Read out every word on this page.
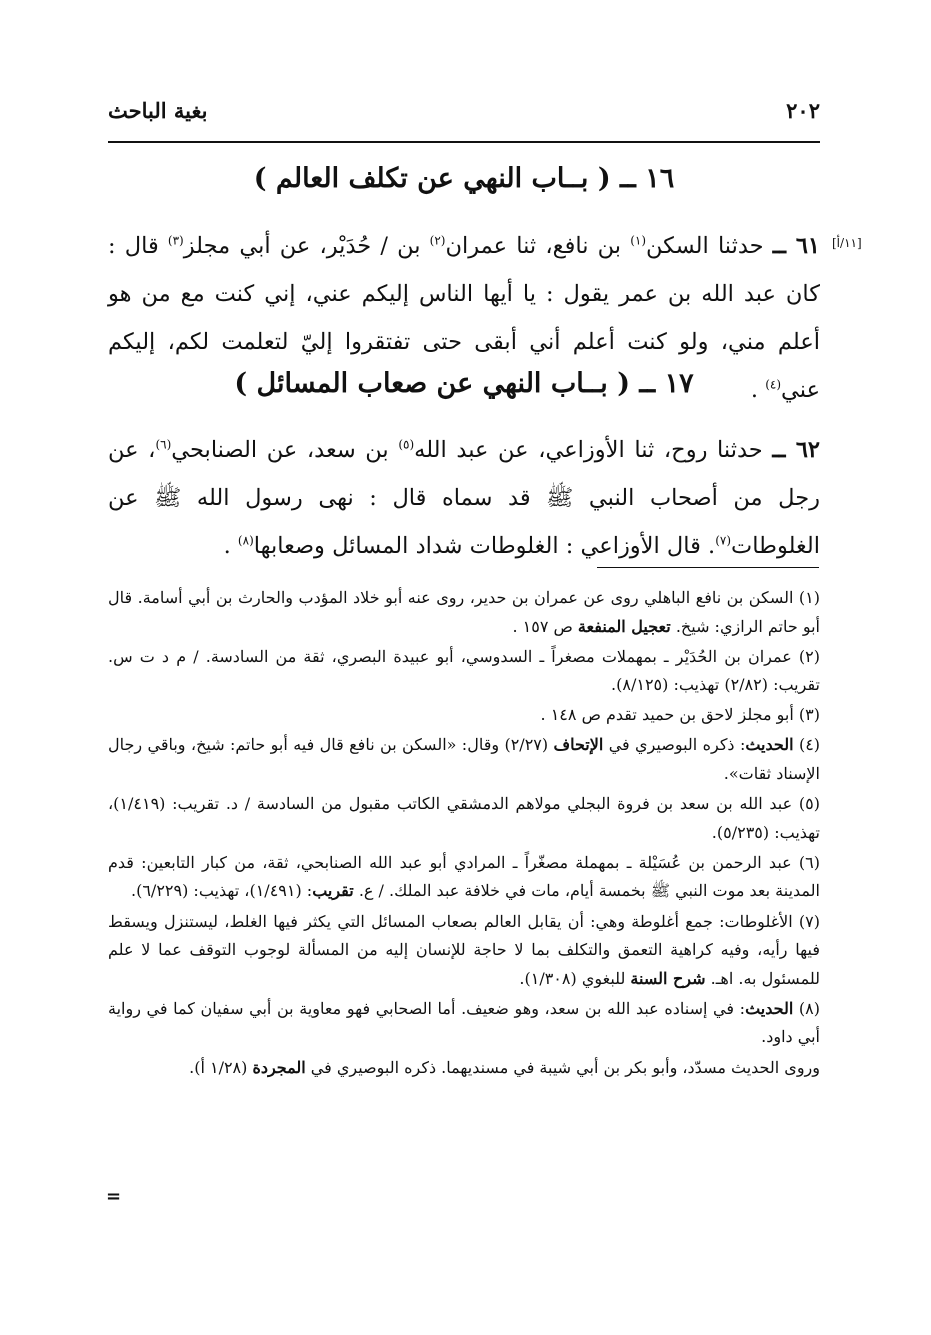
٢٠٢
بغية الباحث
١٦ ــ ( بــاب النهي عن تكلف العالم )
[١١/أ]
٦١ ــ حدثنا السكن$^{(١)}$ بن نافع، ثنا عمران$^{(٢)}$ بن / حُدَيْر، عن أبي مجلز$^{(٣)}$ قال : كان عبد الله بن عمر يقول : يا أيها الناس إليكم عني، إني كنت مع من هو أعلم مني، ولو كنت أعلم أني أبقى حتى تفتقروا إليّ لتعلمت لكم، إليكم عني$^{(٤)}$ .
١٧ ــ ( بــاب النهي عن صعاب المسائل )
٦٢ ــ حدثنا روح، ثنا الأوزاعي، عن عبد الله$^{(٥)}$ بن سعد، عن الصنابحي$^{(٦)}$، عن رجل من أصحاب النبي ﷺ قد سماه قال : نهى رسول الله ﷺ عن الغلوطات$^{(٧)}$. قال الأوزاعي : الغلوطات شداد المسائل وصعابها$^{(٨)}$ .
(١) السكن بن نافع الباهلي روى عن عمران بن حدير، روى عنه أبو خلاد المؤدب والحارث بن أبي أسامة. قال أبو حاتم الرازي: شيخ. تعجيل المنفعة ص ١٥٧ .
(٢) عمران بن الحُدَيْر ـ بمهملات مصغراً ـ السدوسي، أبو عبيدة البصري، ثقة من السادسة. / م د ت س. تقريب: (٢/٨٢) تهذيب: (٨/١٢٥).
(٣) أبو مجلز لاحق بن حميد تقدم ص ١٤٨ .
(٤) الحديث: ذكره البوصيري في الإتحاف (٢/٢٧) وقال: «السكن بن نافع قال فيه أبو حاتم: شيخ، وباقي رجال الإسناد ثقات».
(٥) عبد الله بن سعد بن فروة البجلي مولاهم الدمشقي الكاتب مقبول من السادسة / د. تقريب: (١/٤١٩)، تهذيب: (٥/٢٣٥).
(٦) عبد الرحمن بن عُسَيْلة ـ بمهملة مصغّراً ـ المرادي أبو عبد الله الصنابحي، ثقة، من كبار التابعين: قدم المدينة بعد موت النبي ﷺ بخمسة أيام، مات في خلافة عبد الملك. / ع. تقريب: (١/٤٩١)، تهذيب: (٦/٢٢٩).
(٧) الأغلوطات: جمع أغلوطة وهي: أن يقابل العالم بصعاب المسائل التي يكثر فيها الغلط، ليستنزل ويسقط فيها رأيه، وفيه كراهية التعمق والتكلف بما لا حاجة للإنسان إليه من المسألة لوجوب التوقف عما لا علم للمسئول به. اهـ. شرح السنة للبغوي (١/٣٠٨).
(٨) الحديث: في إسناده عبد الله بن سعد، وهو ضعيف. أما الصحابي فهو معاوية بن أبي سفيان كما في رواية أبي داود.
وروى الحديث مسدّد، وأبو بكر بن أبي شيبة في مسنديهما. ذكره البوصيري في المجردة (١/٢٨ أ).
=
